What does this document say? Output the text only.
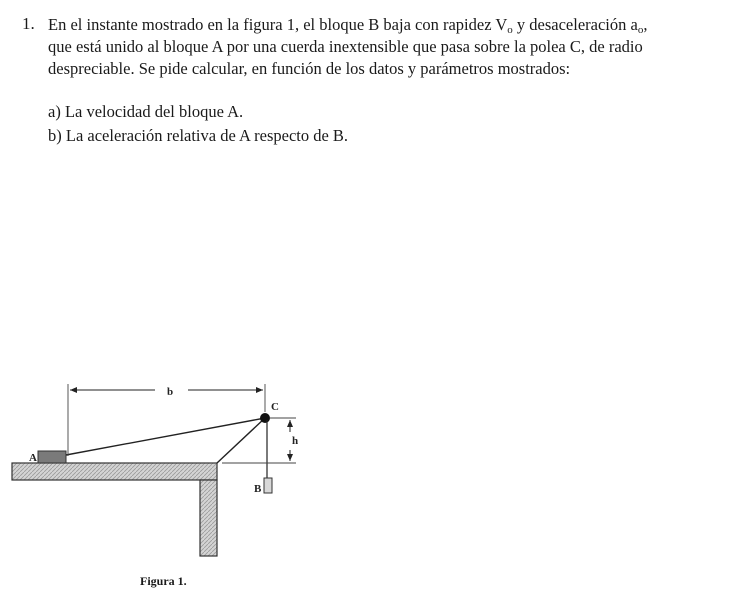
1. En el instante mostrado en la figura 1, el bloque B baja con rapidez $V_o$ y desaceleración $a_o$,
que está unido al bloque A por una cuerda inextensible que pasa sobre la polea C, de radio
despreciable. Se pide calcular, en función de los datos y parámetros mostrados:
a) La velocidad del bloque A.
b) La aceleración relativa de A respecto de B.
A
C
B
b
h
Figura 1.
